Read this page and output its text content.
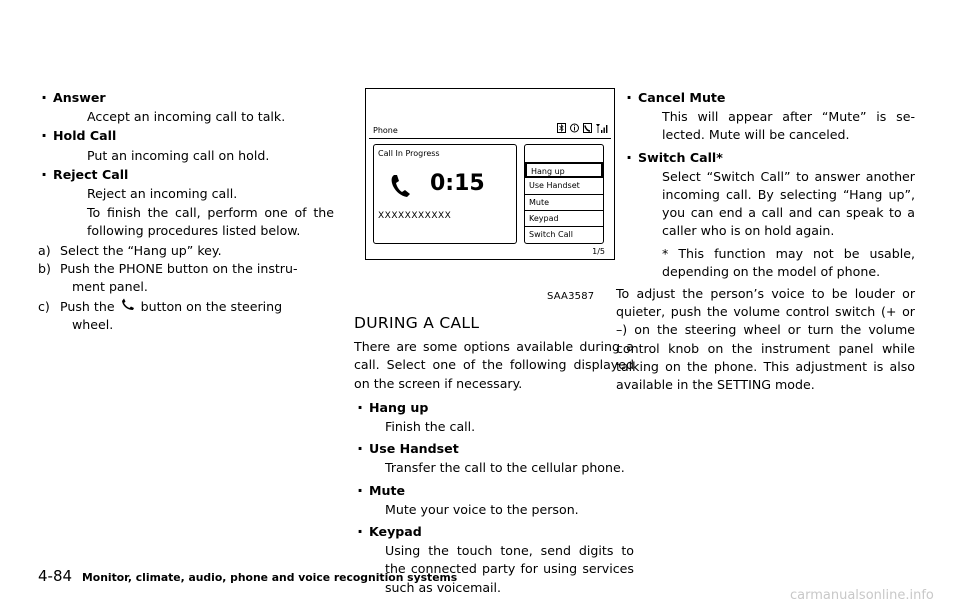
. Answer
Accept an incoming call to talk.
. Hold Call
Put an incoming call on hold.
. Reject Call
Reject an incoming call.
To finish the call, perform one of the following procedures listed below.
a) Select the “Hang up” key.
b) Push the PHONE button on the instru-
ment panel.
c) Push the button on the steering
wheel.
Phone

Call In Progress
0:15
XXXXXXXXXXX
Hang up
Use Handset
Mute
Keypad
Switch Call
1/5
SAA3587
DURING A CALL
There are some options available during a call. Select one of the following displayed on the screen if necessary.
. Hang up
Finish the call.
. Use Handset
Transfer the call to the cellular phone.
. Mute
Mute your voice to the person.
. Keypad
Using the touch tone, send digits to the connected party for using services such as voicemail.
. Cancel Mute
This will appear after “Mute” is se- lected. Mute will be canceled.
. Switch Call*
Select “Switch Call” to answer another incoming call. By selecting “Hang up”, you can end a call and can speak to a caller who is on hold again.
* This function may not be usable, depending on the model of phone.
To adjust the person’s voice to be louder or quieter, push the volume control switch (+ or –) on the steering wheel or turn the volume control knob on the instrument panel while talking on the phone. This adjustment is also available in the SETTING mode.
4-84 Monitor, climate, audio, phone and voice recognition systems
carmanualsonline.info
